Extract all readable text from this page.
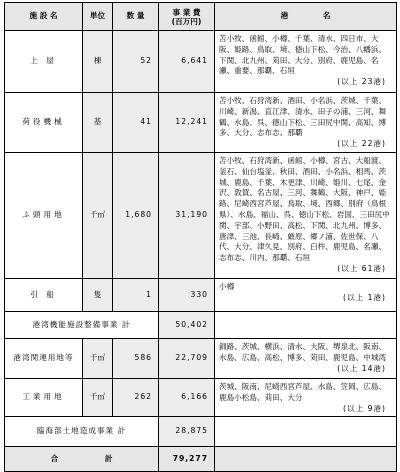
施 設 名	単位	数 量	事 業 費
(百万円)	港 名
上 屋	棟	52	6,641	苫小牧、函館、小樽、千葉、清水、四日市、大阪、姫路、鳥取、境、徳山下松、今治、八幡浜、下関、北九州、苅田、大分、別府、鹿児島、名瀬、重要、那覇、石垣
(以上 23港)

荷役機械	基	41	12,241	苫小牧、石狩湾新、酒田、小名浜、茨城、千葉、川崎、新潟、直江津、清水、田子の浦、三河、舞鶴、水島、呉、徳山下松、三田尻中関、高知、博多、大分、志布志、那覇
(以上 22港)

ふ頭用地	千㎡	1,680	31,190	苫小牧、石狩湾新、函館、小樽、宮古、大船渡、釜石、仙台塩釜、秋田、酒田、小名浜、相馬、茨城、鹿島、千葉、木更津、川崎、姫川、七尾、金沢、敦賀、名古屋、三河、舞鶴、大阪、神戸、姫路、尼崎西宮芦屋、鳥取、境、西郷、別府（鳥根県）、水島、福山、呉、徳山下松、岩国、三田尻中関、宇部、小野田、高松、下関、北九州、博多、唐津、三池、長崎、厳原、郷ノ浦、佐世保、八代、大分、津久見、別府、臼杵、鹿児島、名瀬、志布志、川内、那覇、石垣
(以上 61港)

引 船	隻	1	330	小樽
(以上 1港)

港湾機能施設整備事業 計			50,402	
港湾関連用地等	千㎡	586	22,709	釧路、茨城、横浜、清水、大阪、堺泉北、阪南、水島、広島、高松、博多、苅田、鹿児島、中城湾
(以上 14港)

工業用地	千㎡	262	6,166	茨城、阪南、尼崎西宮芦屋、水島、笠岡、広島、鹿島小松島、苅田、大分
(以上 9港)

臨海部土地造成事業 計			28,875	
合 計			79,277	
